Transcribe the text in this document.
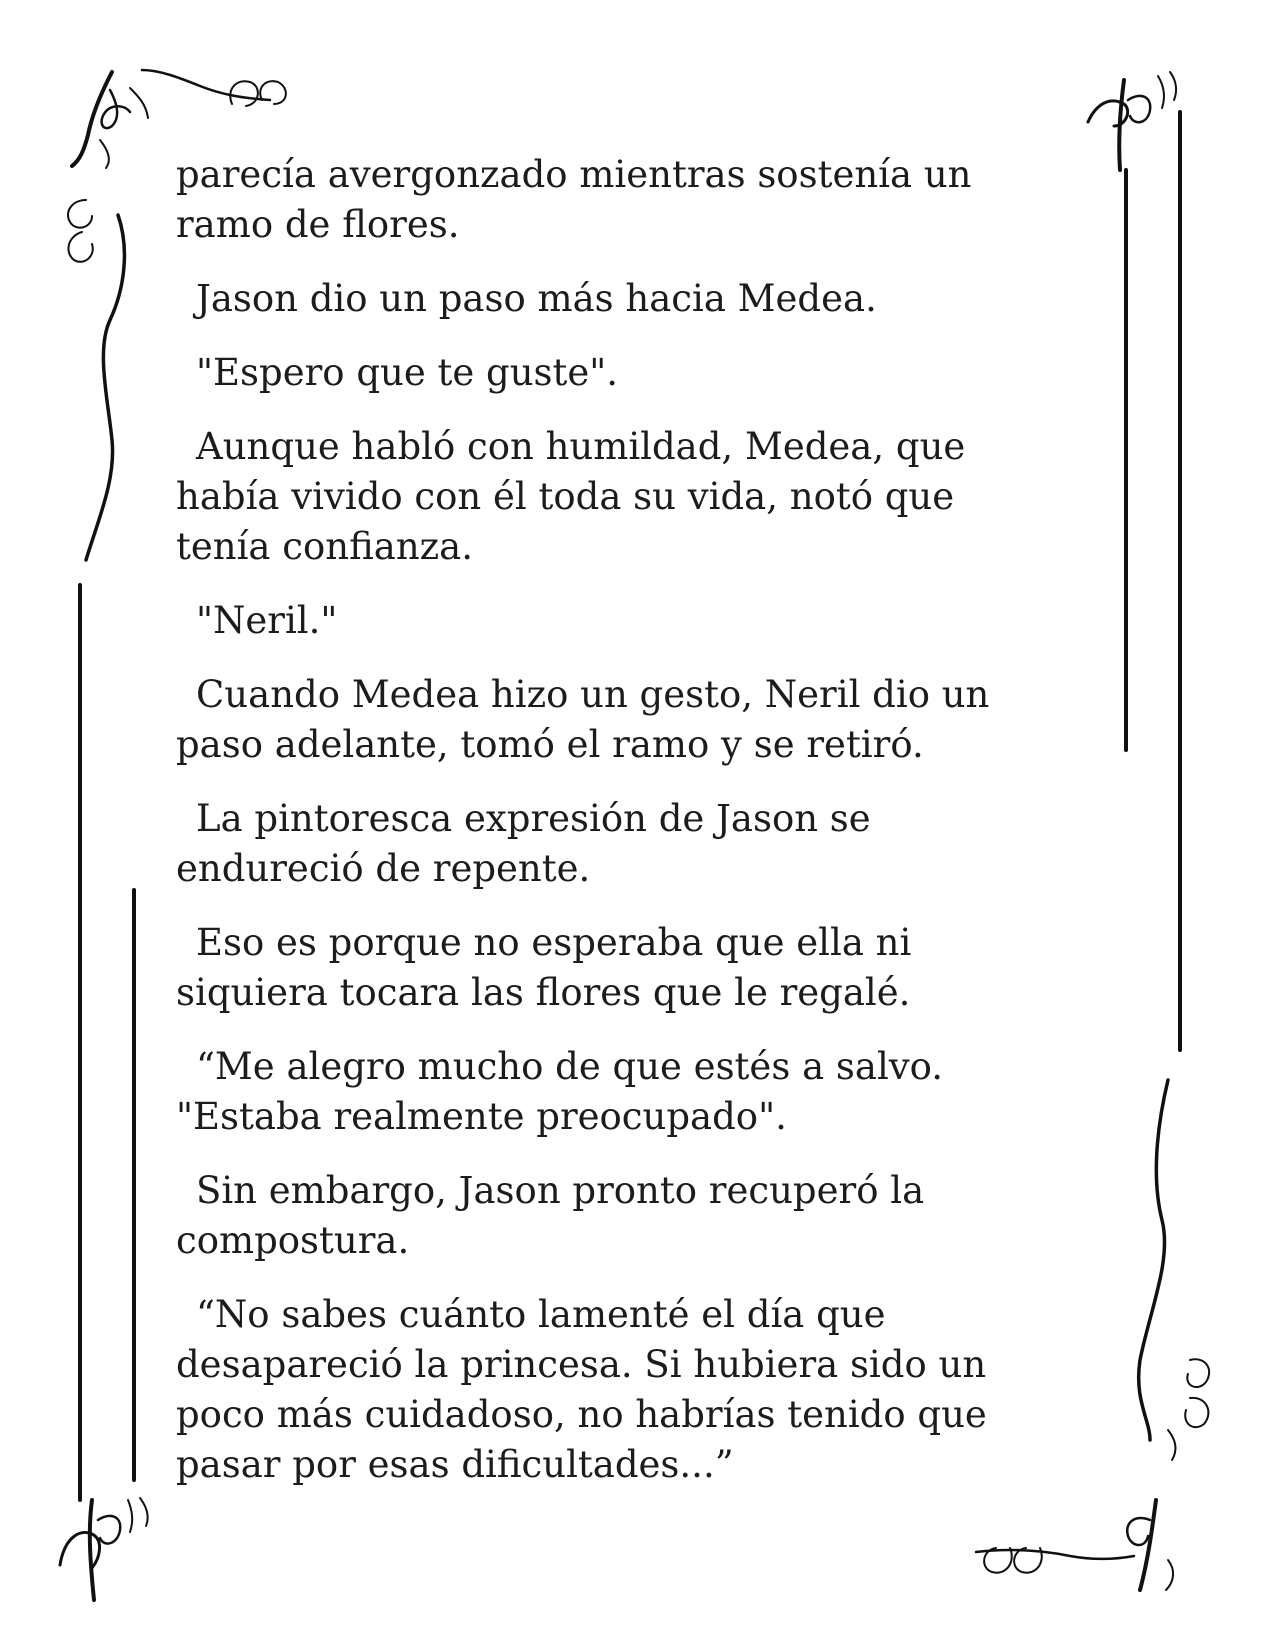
parecía avergonzado mientras sostenía un ramo de flores.

Jason dio un paso más hacia Medea.

"Espero que te guste".

Aunque habló con humildad, Medea, que había vivido con él toda su vida, notó que tenía confianza.

"Neril."

Cuando Medea hizo un gesto, Neril dio un paso adelante, tomó el ramo y se retiró.

La pintoresca expresión de Jason se endureció de repente.

Eso es porque no esperaba que ella ni siquiera tocara las flores que le regalé.

“Me alegro mucho de que estés a salvo. "Estaba realmente preocupado".

Sin embargo, Jason pronto recuperó la compostura.

“No sabes cuánto lamenté el día que desapareció la princesa. Si hubiera sido un poco más cuidadoso, no habrías tenido que pasar por esas dificultades...”
